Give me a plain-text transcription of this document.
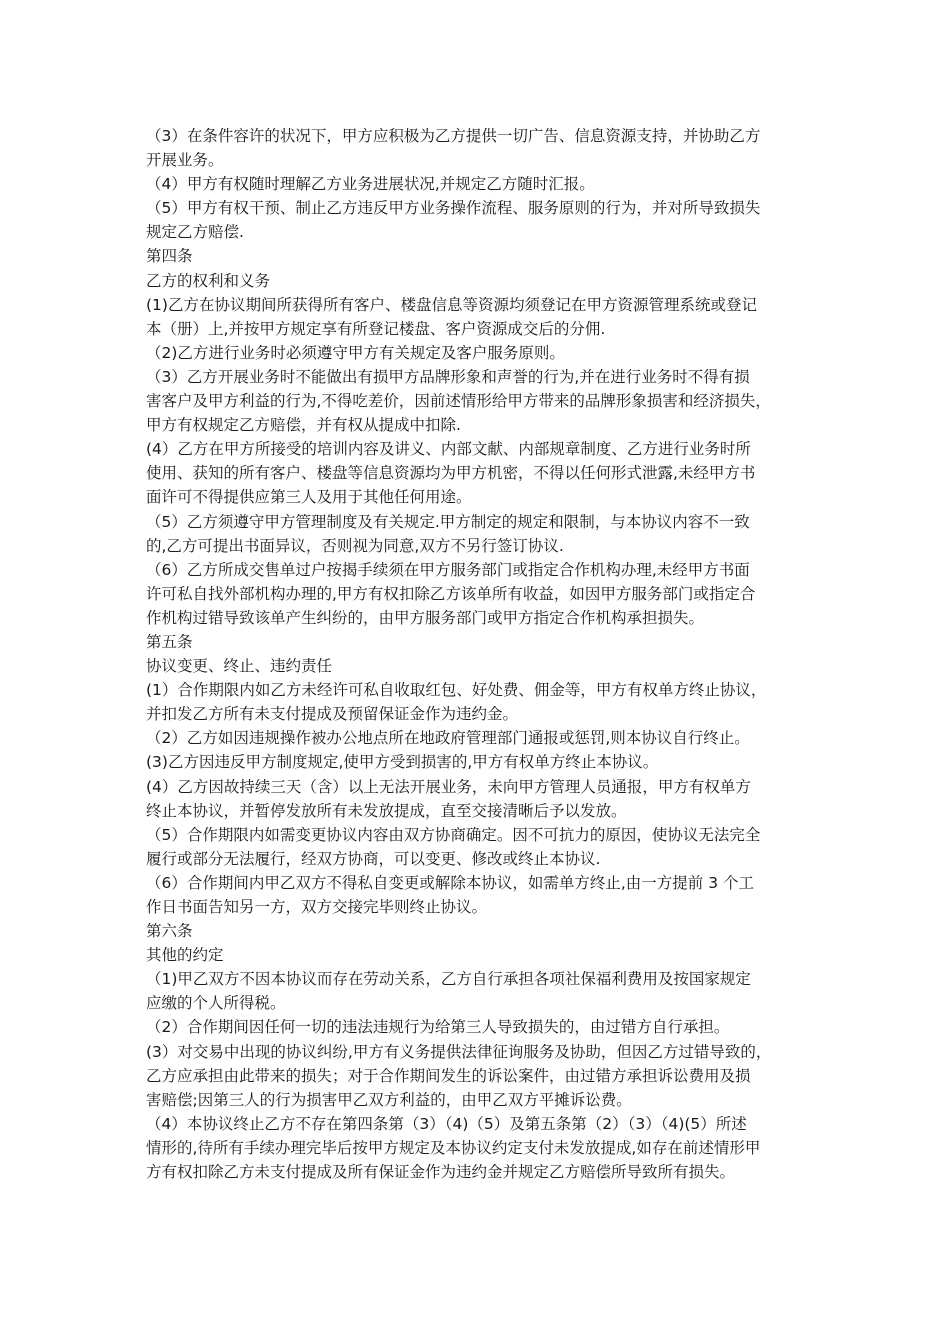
（3）在条件容许的状况下，甲方应积极为乙方提供一切广告、信息资源支持，并协助乙方
开展业务。
（4）甲方有权随时理解乙方业务进展状况,并规定乙方随时汇报。
（5）甲方有权干预、制止乙方违反甲方业务操作流程、服务原则的行为，并对所导致损失
规定乙方赔偿.
第四条
乙方的权利和义务
(1)乙方在协议期间所获得所有客户、楼盘信息等资源均须登记在甲方资源管理系统或登记
本（册）上,并按甲方规定享有所登记楼盘、客户资源成交后的分佣.
（2)乙方进行业务时必须遵守甲方有关规定及客户服务原则。
（3）乙方开展业务时不能做出有损甲方品牌形象和声誉的行为,并在进行业务时不得有损
害客户及甲方利益的行为,不得吃差价，因前述情形给甲方带来的品牌形象损害和经济损失，
甲方有权规定乙方赔偿，并有权从提成中扣除.
(4）乙方在甲方所接受的培训内容及讲义、内部文献、内部规章制度、乙方进行业务时所
使用、获知的所有客户、楼盘等信息资源均为甲方机密，不得以任何形式泄露,未经甲方书
面许可不得提供应第三人及用于其他任何用途。
（5）乙方须遵守甲方管理制度及有关规定.甲方制定的规定和限制，与本协议内容不一致
的,乙方可提出书面异议，否则视为同意,双方不另行签订协议.
（6）乙方所成交售单过户按揭手续须在甲方服务部门或指定合作机构办理,未经甲方书面
许可私自找外部机构办理的,甲方有权扣除乙方该单所有收益，如因甲方服务部门或指定合
作机构过错导致该单产生纠纷的，由甲方服务部门或甲方指定合作机构承担损失。
第五条
协议变更、终止、违约责任
(1）合作期限内如乙方未经许可私自收取红包、好处费、佣金等，甲方有权单方终止协议，
并扣发乙方所有未支付提成及预留保证金作为违约金。
（2）乙方如因违规操作被办公地点所在地政府管理部门通报或惩罚,则本协议自行终止。
(3)乙方因违反甲方制度规定,使甲方受到损害的,甲方有权单方终止本协议。
(4）乙方因故持续三天（含）以上无法开展业务，未向甲方管理人员通报，甲方有权单方
终止本协议，并暂停发放所有未发放提成，直至交接清晰后予以发放。
（5）合作期限内如需变更协议内容由双方协商确定。因不可抗力的原因，使协议无法完全
履行或部分无法履行，经双方协商，可以变更、修改或终止本协议.
（6）合作期间内甲乙双方不得私自变更或解除本协议，如需单方终止,由一方提前 3 个工
作日书面告知另一方，双方交接完毕则终止协议。
第六条
其他的约定
（1)甲乙双方不因本协议而存在劳动关系，乙方自行承担各项社保福利费用及按国家规定
应缴的个人所得税。
（2）合作期间因任何一切的违法违规行为给第三人导致损失的，由过错方自行承担。
(3）对交易中出现的协议纠纷,甲方有义务提供法律征询服务及协助，但因乙方过错导致的，
乙方应承担由此带来的损失；对于合作期间发生的诉讼案件，由过错方承担诉讼费用及损
害赔偿;因第三人的行为损害甲乙双方利益的，由甲乙双方平摊诉讼费。
（4）本协议终止乙方不存在第四条第（3）（4)（5）及第五条第（2）（3）（4)(5）所述
情形的,待所有手续办理完毕后按甲方规定及本协议约定支付未发放提成,如存在前述情形甲
方有权扣除乙方未支付提成及所有保证金作为违约金并规定乙方赔偿所导致所有损失。
